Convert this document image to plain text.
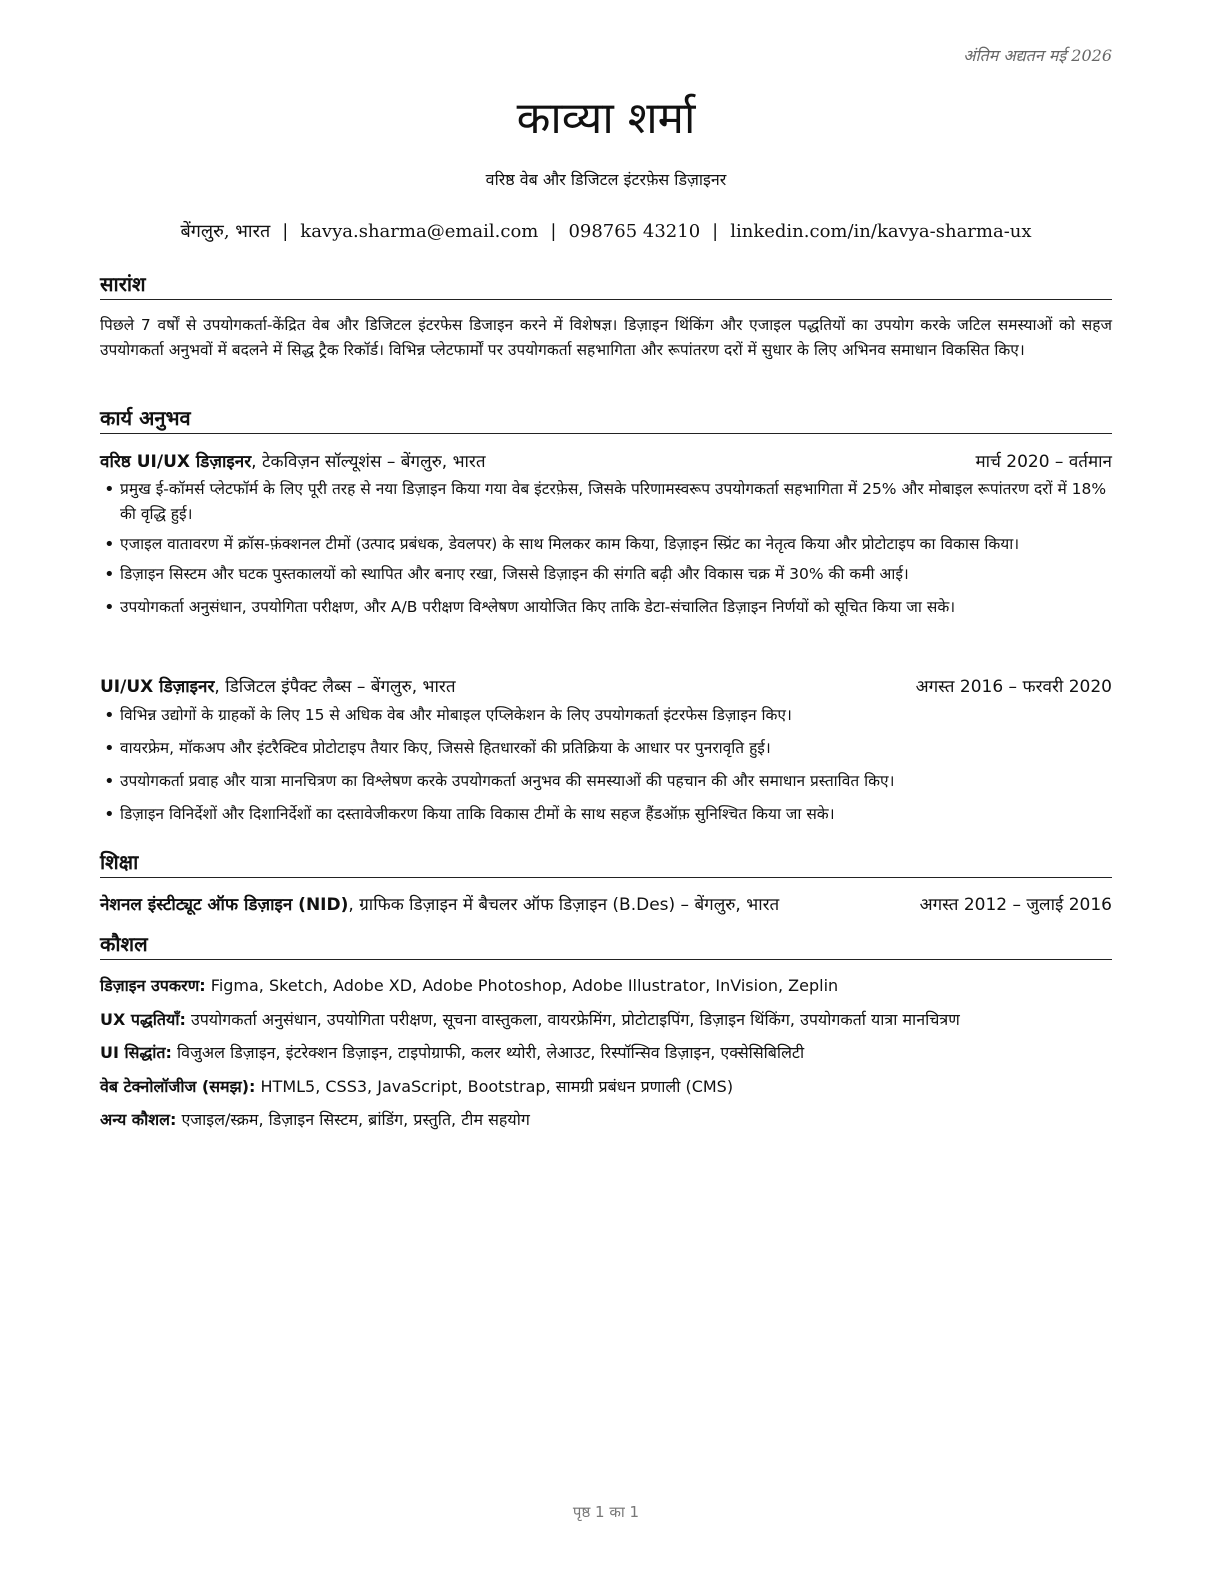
अंतिम अद्यतन मई 2026
काव्या शर्मा
वरिष्ठ वेब और डिजिटल इंटरफ़ेस डिज़ाइनर
बेंगलुरु, भारत | kavya.sharma@email.com | 098765 43210 | linkedin.com/in/kavya-sharma-ux
सारांश
पिछले 7 वर्षों से उपयोगकर्ता-केंद्रित वेब और डिजिटल इंटरफेस डिजाइन करने में विशेषज्ञ। डिज़ाइन थिंकिंग और एजाइल पद्धतियों का उपयोग करके जटिल समस्याओं को सहज उपयोगकर्ता अनुभवों में बदलने में सिद्ध ट्रैक रिकॉर्ड। विभिन्न प्लेटफार्मों पर उपयोगकर्ता सहभागिता और रूपांतरण दरों में सुधार के लिए अभिनव समाधान विकसित किए।
कार्य अनुभव
वरिष्ठ UI/UX डिज़ाइनर, टेकविज़न सॉल्यूशंस – बेंगलुरु, भारत	मार्च 2020 – वर्तमान
• प्रमुख ई-कॉमर्स प्लेटफॉर्म के लिए पूरी तरह से नया डिज़ाइन किया गया वेब इंटरफ़ेस, जिसके परिणामस्वरूप उपयोगकर्ता सहभागिता में 25% और मोबाइल रूपांतरण दरों में 18% की वृद्धि हुई।
• एजाइल वातावरण में क्रॉस-फ़ंक्शनल टीमों (उत्पाद प्रबंधक, डेवलपर) के साथ मिलकर काम किया, डिज़ाइन स्प्रिंट का नेतृत्व किया और प्रोटोटाइप का विकास किया।
• डिज़ाइन सिस्टम और घटक पुस्तकालयों को स्थापित और बनाए रखा, जिससे डिज़ाइन की संगति बढ़ी और विकास चक्र में 30% की कमी आई।
• उपयोगकर्ता अनुसंधान, उपयोगिता परीक्षण, और A/B परीक्षण विश्लेषण आयोजित किए ताकि डेटा-संचालित डिज़ाइन निर्णयों को सूचित किया जा सके।
UI/UX डिज़ाइनर, डिजिटल इंपैक्ट लैब्स – बेंगलुरु, भारत	अगस्त 2016 – फरवरी 2020
• विभिन्न उद्योगों के ग्राहकों के लिए 15 से अधिक वेब और मोबाइल एप्लिकेशन के लिए उपयोगकर्ता इंटरफेस डिज़ाइन किए।
• वायरफ्रेम, मॉकअप और इंटरैक्टिव प्रोटोटाइप तैयार किए, जिससे हितधारकों की प्रतिक्रिया के आधार पर पुनरावृति हुई।
• उपयोगकर्ता प्रवाह और यात्रा मानचित्रण का विश्लेषण करके उपयोगकर्ता अनुभव की समस्याओं की पहचान की और समाधान प्रस्तावित किए।
• डिज़ाइन विनिर्देशों और दिशानिर्देशों का दस्तावेजीकरण किया ताकि विकास टीमों के साथ सहज हैंडऑफ़ सुनिश्चित किया जा सके।
शिक्षा
नेशनल इंस्टीट्यूट ऑफ डिज़ाइन (NID), ग्राफिक डिज़ाइन में बैचलर ऑफ डिज़ाइन (B.Des) – बेंगलुरु, भारत	अगस्त 2012 – जुलाई 2016
कौशल
डिज़ाइन उपकरण: Figma, Sketch, Adobe XD, Adobe Photoshop, Adobe Illustrator, InVision, Zeplin
UX पद्धतियाँ: उपयोगकर्ता अनुसंधान, उपयोगिता परीक्षण, सूचना वास्तुकला, वायरफ्रेमिंग, प्रोटोटाइपिंग, डिज़ाइन थिंकिंग, उपयोगकर्ता यात्रा मानचित्रण
UI सिद्धांत: विजुअल डिज़ाइन, इंटरेक्शन डिज़ाइन, टाइपोग्राफी, कलर थ्योरी, लेआउट, रिस्पॉन्सिव डिज़ाइन, एक्सेसिबिलिटी
वेब टेक्नोलॉजीज (समझ): HTML5, CSS3, JavaScript, Bootstrap, सामग्री प्रबंधन प्रणाली (CMS)
अन्य कौशल: एजाइल/स्क्रम, डिज़ाइन सिस्टम, ब्रांडिंग, प्रस्तुति, टीम सहयोग
पृष्ठ 1 का 1
